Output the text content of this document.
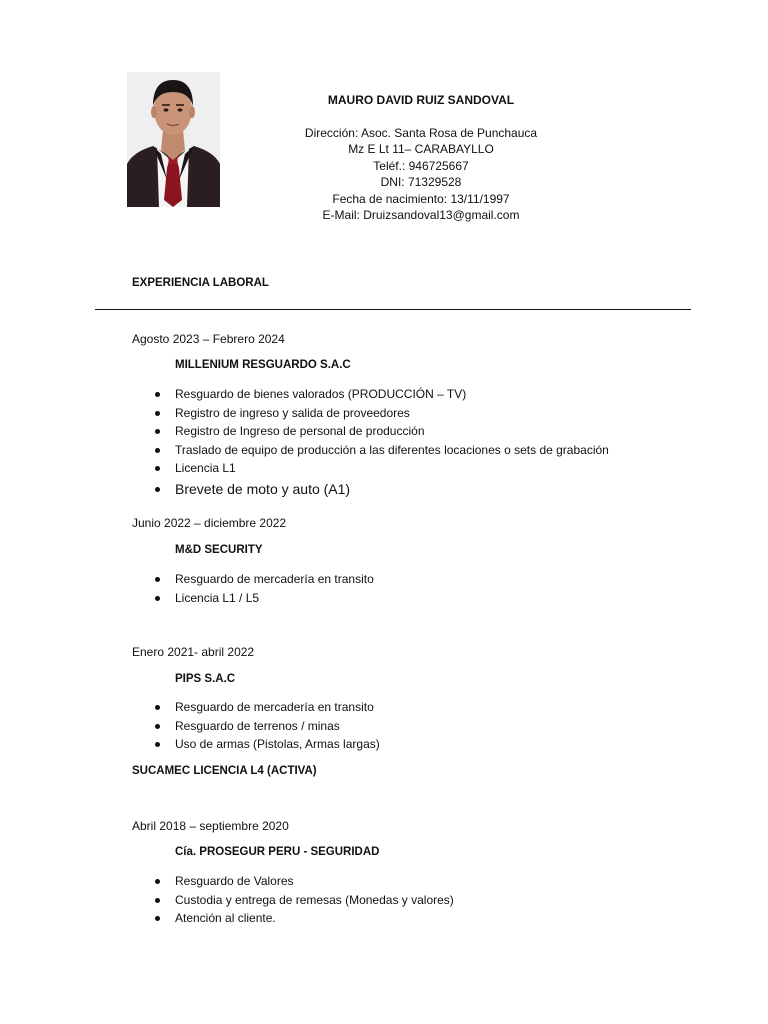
MAURO DAVID RUIZ SANDOVAL
Dirección: Asoc. Santa Rosa de Punchauca
Mz E Lt 11– CARABAYLLO
Teléf.: 946725667
DNI: 71329528
Fecha de nacimiento: 13/11/1997
E-Mail: Druizsandoval13@gmail.com
EXPERIENCIA LABORAL
Agosto 2023 – Febrero 2024
MILLENIUM RESGUARDO S.A.C
Resguardo de bienes valorados (PRODUCCIÓN – TV)
Registro de ingreso y salida de proveedores
Registro de Ingreso de personal de producción
Traslado de equipo de producción a las diferentes locaciones o sets de grabación
Licencia L1
Brevete de moto y auto (A1)
Junio 2022 – diciembre 2022
M&D SECURITY
Resguardo de mercadería en transito
Licencia L1 / L5
Enero 2021- abril 2022
PIPS S.A.C
Resguardo de mercadería en transito
Resguardo de terrenos / minas
Uso de armas (Pistolas, Armas largas)
SUCAMEC LICENCIA L4 (ACTIVA)
Abril 2018 – septiembre 2020
Cía. PROSEGUR PERU - SEGURIDAD
Resguardo de Valores
Custodia y entrega de remesas (Monedas y valores)
Atención al cliente.
